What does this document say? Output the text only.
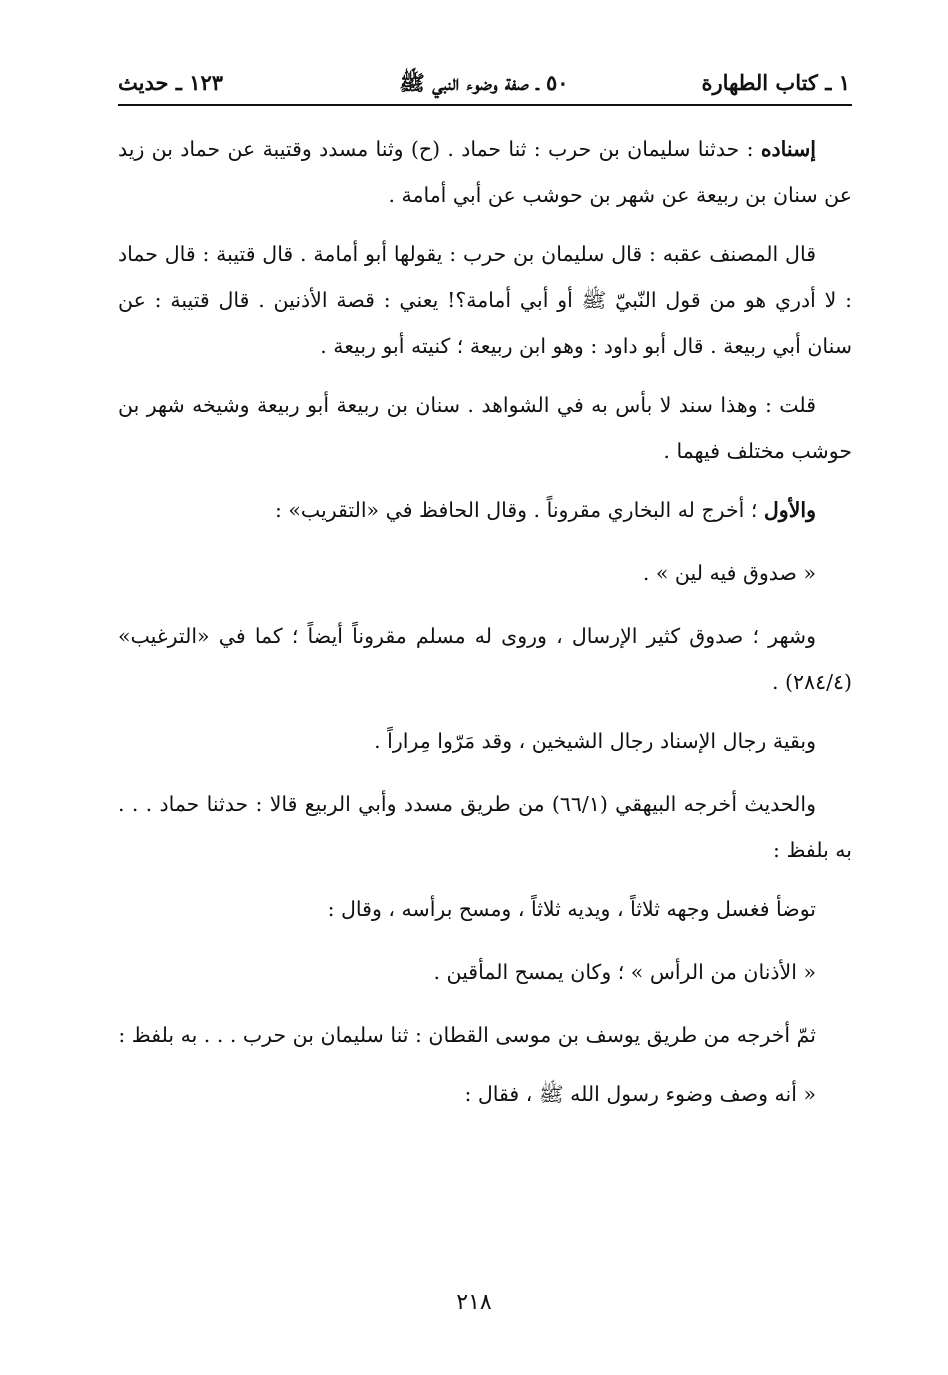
١ ـ كتاب الطهارة
٥٠ ـ صفة وضوء النبي ﷺ
١٢٣ ـ حديث

إسناده : حدثنا سليمان بن حرب : ثنا حماد . (ح) وثنا مسدد وقتيبة عن حماد بن زيد عن سنان بن ربيعة عن شهر بن حوشب عن أبي أمامة .

قال المصنف عقبه : قال سليمان بن حرب : يقولها أبو أمامة . قال قتيبة : قال حماد : لا أدري هو من قول النّبيّ ﷺ أو أبي أمامة؟! يعني : قصة الأذنين . قال قتيبة : عن سنان أبي ربيعة . قال أبو داود : وهو ابن ربيعة ؛ كنيته أبو ربيعة .

قلت : وهذا سند لا بأس به في الشواهد . سنان بن ربيعة أبو ربيعة وشيخه شهر بن حوشب مختلف فيهما .

والأول ؛ أخرج له البخاري مقروناً . وقال الحافظ في «التقريب» :

« صدوق فيه لين » .

وشهر ؛ صدوق كثير الإرسال ، وروى له مسلم مقروناً أيضاً ؛ كما في «الترغيب» (٢٨٤/٤) .

وبقية رجال الإسناد رجال الشيخين ، وقد مَرّوا مِراراً .

والحديث أخرجه البيهقي (٦٦/١) من طريق مسدد وأبي الربيع قالا : حدثنا حماد . . . به بلفظ :

توضأ فغسل وجهه ثلاثاً ، ويديه ثلاثاً ، ومسح برأسه ، وقال :

« الأذنان من الرأس » ؛ وكان يمسح المأقين .

ثمّ أخرجه من طريق يوسف بن موسى القطان : ثنا سليمان بن حرب . . . به بلفظ :

« أنه وصف وضوء رسول الله ﷺ ، فقال :

٢١٨
